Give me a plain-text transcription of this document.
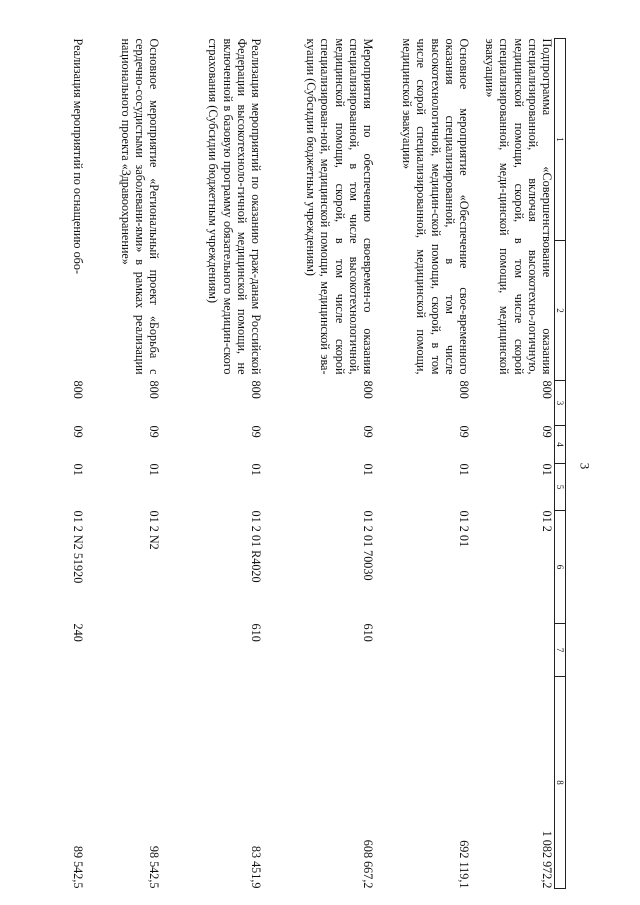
3
1	2	3	4	5	6	7	8
Подпрограмма «Совершенствование оказания специализированной, включая высокотехно-логичную, медицинской помощи, скорой, в том числе скорой специализированной, меди-цинской помощи, медицинской эвакуации»		800	09	01	01 2		1 082 972,2
Основное мероприятие «Обеспечение свое-временного оказания специализированной, в том числе высокотехнологичной, медицин-ской помощи, скорой, в том числе скорой специализированной, медицинской помощи, медицинской эвакуации»		800	09	01	01 2 01		692 119,1
Мероприятия по обеспечению своевремен-го оказания специализированной, в том числе высокотехнологичной, медицинской помощи, скорой, в том числе скорой специализирован-ной, медицинской помощи, медицинской эва-куации (Субсидии бюджетным учреждениям)		800	09	01	01 2 01 70030	610	608 667,2
Реализация мероприятий по оказанию граж-данам Российской Федерации высокотехноло-гичной медицинской помощи, не включенной в базовую программу обязательного медицин-ского страхования (Субсидии бюджетным учреждениям)		800	09	01	01 2 01 R4020	610	83 451,9
Основное мероприятие «Региональный проект «Борьба с сердечно-сосудистыми заболевани-ями» в рамках реализации национального проекта «Здравоохранение»		800	09	01	01 2 N2		98 542,5
Реализация мероприятий по оснащению обо-		800	09	01	01 2 N2 51920	240	89 542,5
